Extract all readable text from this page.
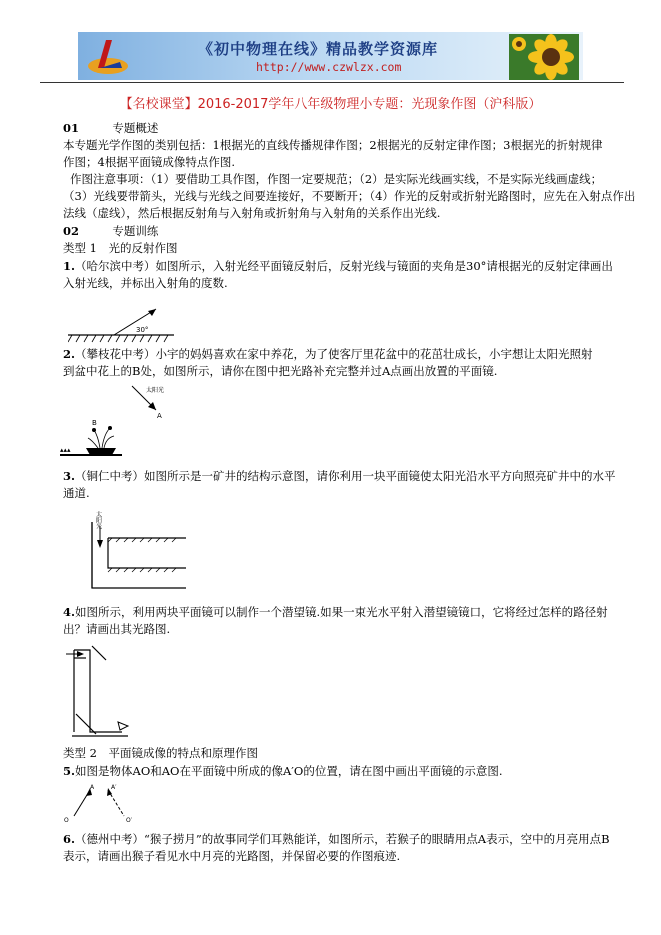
《初中物理在线》精品教学资源库
http://www.czwlzx.com
【名校课堂】2016-2017学年八年级物理小专题：光现象作图（沪科版）
01	专题概述
本专题光学作图的类别包括：1根据光的直线传播规律作图；2根据光的反射定律作图；3根据光的折射规律
作图；4根据平面镜成像特点作图.
作图注意事项：（1）要借助工具作图，作图一定要规范；（2）是实际光线画实线，不是实际光线画虚线；
（3）光线要带箭头，光线与光线之间要连接好，不要断开；（4）作光的反射或折射光路图时，应先在入射点作出
法线（虚线），然后根据反射角与入射角或折射角与入射角的关系作出光线.
02	专题训练
类型 1　光的反射作图
1.（哈尔滨中考）如图所示，入射光经平面镜反射后，反射光线与镜面的夹角是30°请根据光的反射定律画出
入射光线，并标出入射角的度数.
30°
2.（攀枝花中考）小宇的妈妈喜欢在家中养花，为了使客厅里花盆中的花茁壮成长，小宇想让太阳光照射
到盆中花上的B处，如图所示，请你在图中把光路补充完整并过A点画出放置的平面镜.
太阳光
A
B
▴▴▴
3.（铜仁中考）如图所示是一矿井的结构示意图，请你利用一块平面镜使太阳光沿水平方向照亮矿井中的水平
通道.
太阳光
4.如图所示，利用两块平面镜可以制作一个潜望镜.如果一束光水平射入潜望镜镜口，它将经过怎样的路径射
出？请画出其光路图.
类型 2　平面镜成像的特点和原理作图
5.如图是物体AO和AO在平面镜中所成的像A′O的位置，请在图中画出平面镜的示意图.
A	A′
O	O′
6.（德州中考）“猴子捞月”的故事同学们耳熟能详，如图所示，若猴子的眼睛用点A表示，空中的月亮用点B
表示，请画出猴子看见水中月亮的光路图，并保留必要的作图痕迹.
